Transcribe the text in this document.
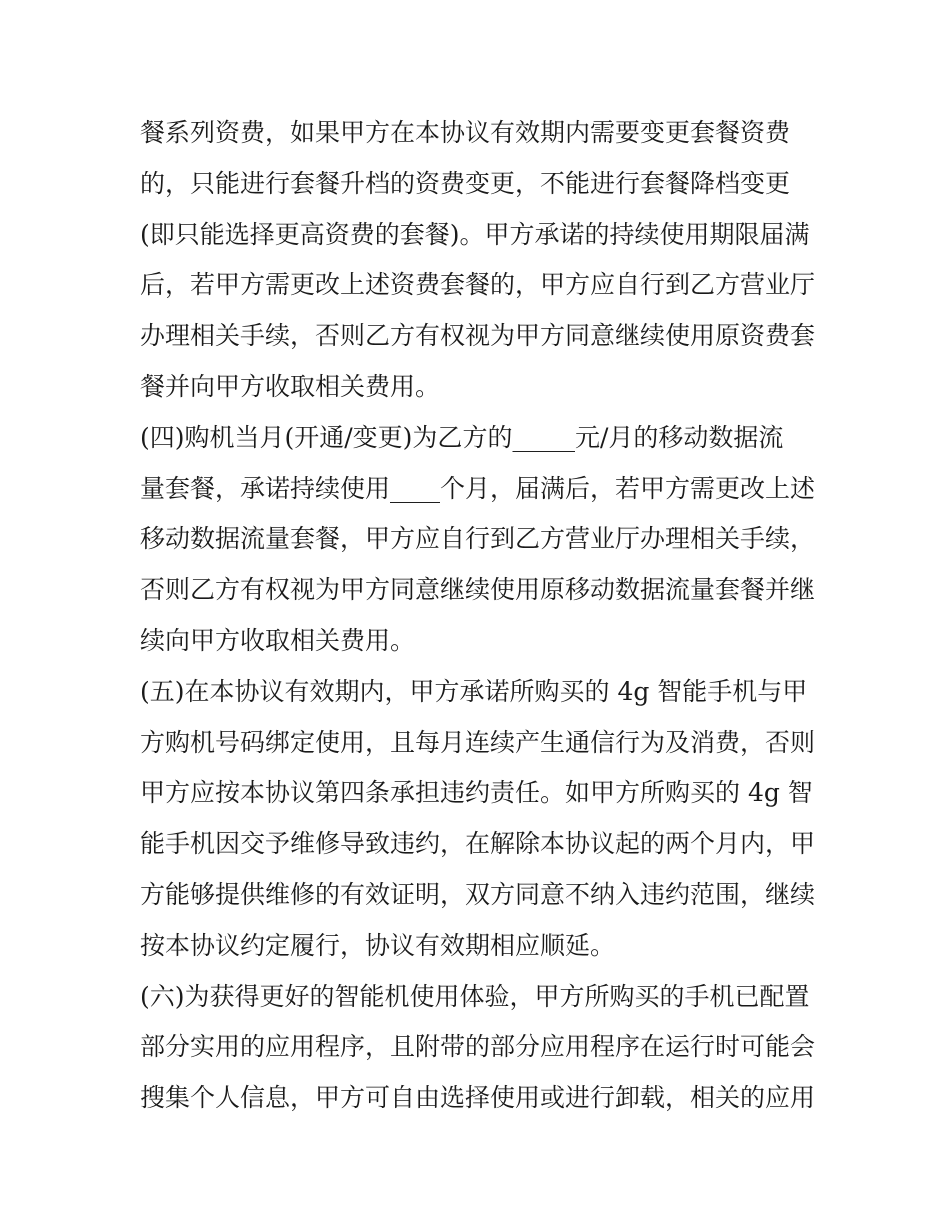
餐系列资费，如果甲方在本协议有效期内需要变更套餐资费
的，只能进行套餐升档的资费变更，不能进行套餐降档变更
(即只能选择更高资费的套餐)。甲方承诺的持续使用期限届满
后，若甲方需更改上述资费套餐的，甲方应自行到乙方营业厅
办理相关手续，否则乙方有权视为甲方同意继续使用原资费套
餐并向甲方收取相关费用。
(四)购机当月(开通/变更)为乙方的_____元/月的移动数据流
量套餐，承诺持续使用____个月，届满后，若甲方需更改上述
移动数据流量套餐，甲方应自行到乙方营业厅办理相关手续，
否则乙方有权视为甲方同意继续使用原移动数据流量套餐并继
续向甲方收取相关费用。
(五)在本协议有效期内，甲方承诺所购买的 4g 智能手机与甲
方购机号码绑定使用，且每月连续产生通信行为及消费，否则
甲方应按本协议第四条承担违约责任。如甲方所购买的 4g 智
能手机因交予维修导致违约，在解除本协议起的两个月内，甲
方能够提供维修的有效证明，双方同意不纳入违约范围，继续
按本协议约定履行，协议有效期相应顺延。
(六)为获得更好的智能机使用体验，甲方所购买的手机已配置
部分实用的应用程序，且附带的部分应用程序在运行时可能会
搜集个人信息，甲方可自由选择使用或进行卸载，相关的应用
